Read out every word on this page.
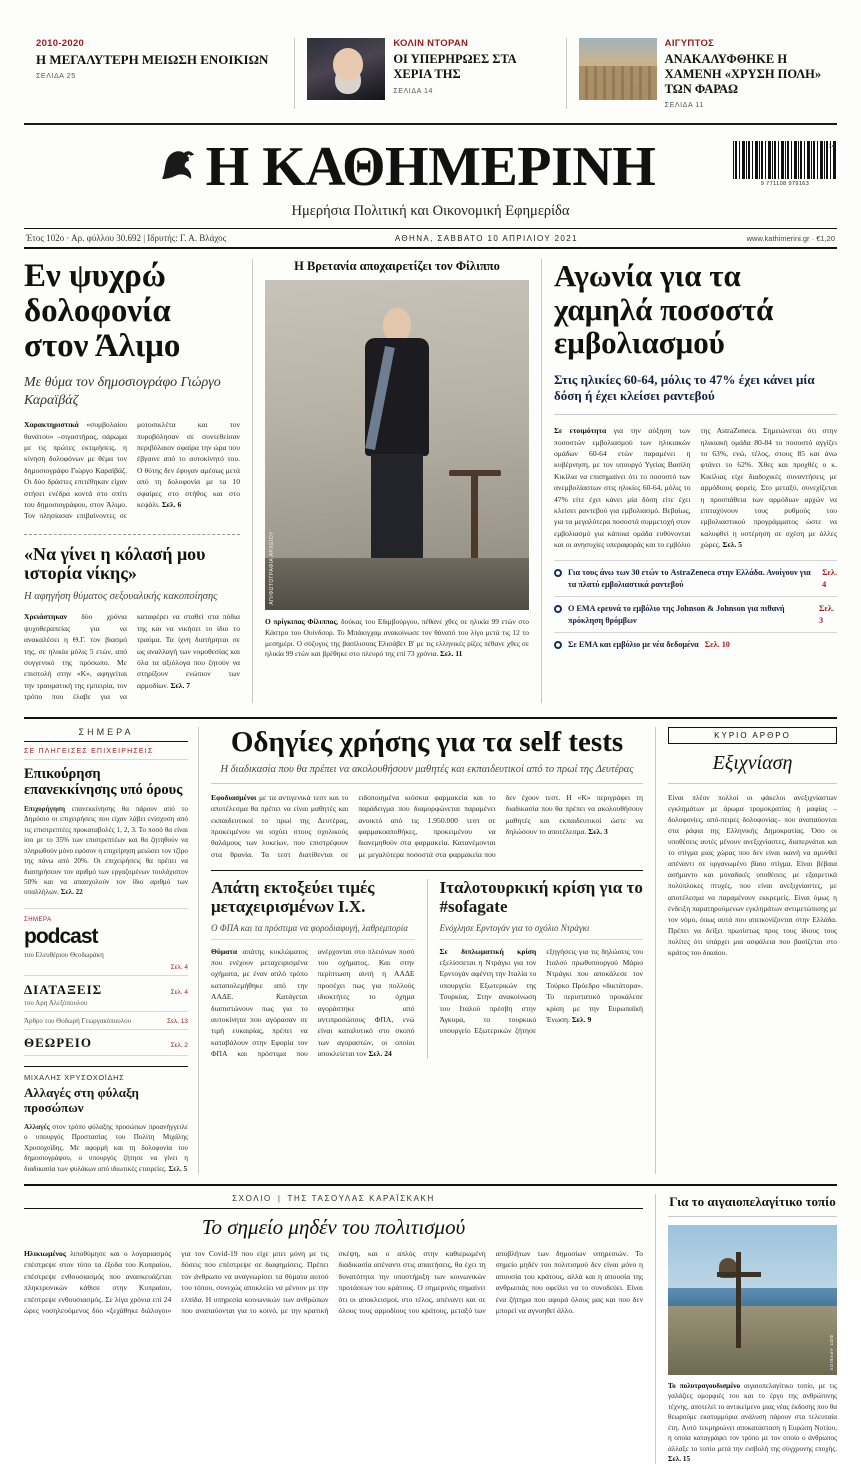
2010-2020
Η ΜΕΓΑΛΥΤΕΡΗ ΜΕΙΩΣΗ ΕΝΟΙΚΙΩΝ
ΣΕΛΙΔΑ 25
ΚΟΛΙΝ ΝΤΟΡΑΝ
ΟΙ ΥΠΕΡΗΡΩΕΣ ΣΤΑ ΧΕΡΙΑ ΤΗΣ
ΣΕΛΙΔΑ 14
ΑΙΓΥΠΤΟΣ
ΑΝΑΚΑΛΥΦΘΗΚΕ Η ΧΑΜΕΝΗ «ΧΡΥΣΗ ΠΟΛΗ» ΤΩΝ ΦΑΡΑΩ
ΣΕΛΙΔΑ 11
Η ΚΑΘΗΜΕΡΙΝΗ	14
9 771108 979163
Ημερήσια Πολιτική και Οικονομική Εφημερίδα
Έτος 102ο · Αρ. φύλλου 30.692 | Ιδρυτής: Γ. Α. Βλάχος	ΑΘΗΝΑ, ΣΑΒΒΑΤΟ 10 ΑΠΡΙΛΙΟΥ 2021	www.kathimerini.gr · €1,20
Εν ψυχρώ δολοφονία στον Άλιμο
Με θύμα τον δημοσιογράφο Γιώργο Καραϊβάζ
Χαρακτηριστικά «συμβολαίου θανάτου» –σιγαστήρας, σάρωμα με τις πρώτες εκτιμήσεις, η κίνηση δολοφόνων με θέμα τον δημοσιογράφο Γιώργο Καραϊβάζ. Οι δύο δράστες επιτέθηκαν είχαν στήσει ενέδρα κοντά στο σπίτι του δημοσιογράφου, στον Άλιμο. Τον πλησίασαν επιβαίνοντες σε μοτοσικλέτα και τον πυροβόλησαν σε συντεθείσαν περιβόλαιον σφαίρα την ώρα που έβγαινε από το αυτοκίνητό του. Ο θύτης δεν έφυγαν αμέσως μετά από τη δολοφονία με τα 10 σφαίρες στο στήθος και στο κεφάλι. Σελ. 6
«Να γίνει η κόλασή μου ιστορία νίκης»
Η αφηγήση θύματος σεξουαλικής κακοποίησης
Χρειάστηκαν δύο χρόνια ψυχοθεραπείας για να ανακαλέσει η Θ.Γ. τον βιασμό της, σε ηλικία μόλις 5 ετών, από συγγενικό της πρόσωπο. Με επιστολή στην «Κ», αφηγείται την τραυματική της εμπειρία, τον τρόπο που έλαβε για να καταφέρει να σταθεί στα πόδια της και να νικήσει το ίδιο το τραύμα. Τα ίχνη διατήρηται σε ως αναλλαγή των νομοθεσίας και όλα τα αξιόλογα που ζητούν να στηρίξουν ενώπιον των αρμοδίων. Σελ. 7
Η Βρετανία αποχαιρετίζει τον Φίλιππο
ΑΠ/ΦΩΤΟΓΡΑΦΙΑ ΑΡΧΕΙΟΥ
Ο πρίγκιπας Φίλιππος, δούκας του Εδιμβούργου, πέθανε χθες σε ηλικία 99 ετών στο Κάστρο του Ουίνδσορ. Το Μπάκιγχαμ ανακοίνωσε τον θάνατό του λίγο μετά τις 12 το μεσημέρι. Ο σύζυγος της βασίλισσας Ελισάβετ Β' με τις ελληνικές ρίζες πέθανε χθες σε ηλικία 99 ετών και βρέθηκε στο πλευρό της επί 73 χρόνια. Σελ. 11
Αγωνία για τα χαμηλά ποσοστά εμβολιασμού
Στις ηλικίες 60-64, μόλις το 47% έχει κάνει μία δόση ή έχει κλείσει ραντεβού
Σε ετοιμότητα για την αύξηση των ποσοστών εμβολιασμού των ηλικιακών ομάδων 60-64 ετών παραμένει η κυβέρνηση, με τον υπουργό Υγείας Βασίλη Κικίλια να επισημαίνει ότι το ποσοστό των ανεμβολίαστων στις ηλικίες 60-64, μόλις το 47% είτε έχει κάνει μία δόση είτε έχει κλείσει ραντεβού για εμβολιασμό. Βεβαίως, για τα μεγαλύτερα ποσοστά συμμετοχή στον εμβολιασμό για κάποια ομάδα ευθύνονται και οι ανησυχίες υπεραφοράς και το εμβόλιο της AstraZeneca. Σημειώνεται ότι στην ηλικιακή ομάδα 80-84 το ποσοστό αγγίζει το 63%, ενώ, τέλος, στους 85 και άνω φτάνει το 62%. Χθες και προχθές ο κ. Κικίλιας είχε διαδοχικές συναντήσεις με αρμόδιους φορείς. Στο μεταξύ, συνεχίζεται η προσπάθεια των αρμόδιων αρχών να επιταχύνουν τους ρυθμούς του εμβολιαστικού προγράμματος ώστε να καλυφθεί η υστέρηση σε σχέση με άλλες χώρες. Σελ. 5
Για τους άνω των 30 ετών το AstraZeneca στην Ελλάδα. Ανοίγουν για τα πλατύ εμβολιαστικά ραντεβού
Σελ. 4
Ο ΕΜΑ ερευνά το εμβόλιο της Johnson & Johnson για πιθανή πρόκληση θρόμβων
Σελ. 3
Σε ΕΜΑ και εμβόλιο με νέα δεδομένα Σελ. 10
ΣΗΜΕΡΑ
ΣΕ ΠΛΗΓΕΙΣΕΣ ΕΠΙΧΕΙΡΗΣΕΙΣ
Επικούρηση επανεκκίνησης υπό όρους
Επιχορήγηση επανεκκίνησης θα πάρουν από το Δημόσιο οι επιχειρήσεις που είχαν λάβει ενίσχυση από τις επιστρεπτέες προκαταβολές 1, 2, 3. Το ποσό θα είναι ίσο με το 35% των επιστρεπτέων και θα ζητηθούν να πληρωθούν μόνο εφόσον η επιχείρηση μειώσει τον τζίρο της πάνω από 20%. Οι επιχειρήσεις θα πρέπει να διατηρήσουν τον αριθμό των εργαζομένων τουλάχιστον 50% και να απασχολούν τον ίδιο αριθμό των υπαλλήλων. Σελ. 22
ΣΗΜΕΡΑ
podcast
του Ελευθέριου Θεοδωράκη
Σελ. 4
ΔΙΑΤΑΞΕΙΣ
του Αρη Αλεξόπουλου
Σελ. 4
Άρθρο του Θοδωρή Γεωργακόπουλου	Σελ. 13
ΘΕΩΡΕΙΟ	Σελ. 2
ΜΙΧΑΛΗΣ ΧΡΥΣΟΧΟΪΔΗΣ
Αλλαγές στη φύλαξη προσώπων
Αλλαγές στον τρόπο φύλαξης προσώπων προανήγγειλε ο υπουργός Προστασίας του Πολίτη Μιχάλης Χρυσοχοΐδης. Με αφορμή και τη δολοφονία του δημοσιογράφου, ο υπουργός ζήτησε να γίνει η διαδικασία των φυλάκων από ιδιωτικές εταιρείες. Σελ. 5
Οδηγίες χρήσης για τα self tests
Η διαδικασία που θα πρέπει να ακολουθήσουν μαθητές και εκπαιδευτικοί από το πρωί της Δευτέρας
Εφοδιασμένοι με τα αντιγενικά τεστ και το αποτέλεσμα θα πρέπει να είναι μαθητές και εκπαιδευτικοί το πρωί της Δευτέρας, προκειμένου να ισχύει στους σχολικούς θαλάμους των λυκείων, που επιστρέφουν στα θρανία. Τα τεστ διατίθενται σε ειδοποιημένα κιόσκια φαρμακεία και το παράδειγμα που διαμορφώνεται παραμένει ανοικτό από τις 1.950.000 τεστ σε φαρμακοαποθήκες, προκειμένου να διανεμηθούν στα φαρμακεία. Κατανέμονται με μεγαλύτερα ποσοστά στα φαρμακεία που δεν έχουν τεστ. Η «Κ» περιγράφει τη διαδικασία που θα πρέπει να ακολουθήσουν μαθητές και εκπαιδευτικοί ώστε να δηλώσουν το αποτέλεσμα. Σελ. 3
Απάτη εκτοξεύει τιμές μεταχειρισμένων Ι.Χ.
Ο ΦΠΑ και τα πρόστιμα να φοροδιαφυγή, λαθρεμπορία
Θύματα απάτης κυκλώματος που ενέχουν μεταχειρισμένα οχήματα, με έναν απλό τρόπο καταπολεμήθηκε από την ΑΑΔΕ. Κατάγεται διαπιστώνουν πως για το αυτοκίνητα που αγόρασαν σε τιμή ευκαιρίας, πρέπει να καταβάλουν στην Εφορία τον ΦΠΑ και πρόστιμα που ανέρχονται στο πλειόνων ποσό του οχήματος. Και στην περίπτωση αυτή η ΑΑΔΕ προσέχει πως για πολλούς ιδιοκτήτες το όχημα αγοράστηκε από αντιπροσώπους ΦΠΑ, ενώ είναι καταλυτικό στο σκοπό των αγοραστών, οι οποίοι αποκλείεται τον Σελ. 24
Ιταλοτουρκική κρίση για το #sofagate
Ενόχλησε Ερντογάν για το σχόλιο Ντράγκι
Σε διπλωματική κρίση εξελίσσεται η Ντράγκι για τον Ερντογάν αφέντη την Ιταλία το υπουργείο Εξωτερικών της Τουρκίας. Στην ανακοίνωση του Ιταλού πρέσβη στην Άγκυρα, το τουρκικό υπουργείο Εξωτερικών ζήτησε εξηγήσεις για τις δηλώσεις του Ιταλού πρωθυπουργού Μάριο Ντράγκι που αποκάλεσε τον Τούρκο Πρόεδρο «δικτάτορα». Το περιστατικό προκάλεσε κρίση με την Ευρωπαϊκή Ένωση. Σελ. 9
ΚΥΡΙΟ ΑΡΘΡΟ
Εξιχνίαση
Είναι πλέον πολλοί οι φάκελοι ανεξιχνίαστων εγκλημάτων με άρωμα τρομοκρατίας ή μαφίας –δολοφονίες, από-πειρες δολοφονίας– που αναπαύονται στα ράφια της Ελληνικής Δημοκρατίας. Όσο οι υποθέσεις αυτές μένουν ανεξιχνίαστες, διαπερνάται και το στίγμα μιας χώρας που δεν είναι ικανή να αμυνθεί απέναντι σε οργανωμένο βίαιο στίγμα. Είναι βέβαια ασήμαντο και μοναδικές υποθέσεις με εξαιρετικά πολύπλοκες πτυχές, που είναι ανεξιχνίαστες, με αποτέλεσμα να παραμένουν εκκρεμείς. Είναι όμως η ένδειξη παρατηρούμενων εγκλημάτων αντιμετώπισης με τον νόμο, όπως αυτά που απεικονίζονται στην Ελλάδα. Πρέπει να δείξει πρωτίστως προς τους ίδιους τους πολίτες ότι υπάρχει μια ασφάλεια που βασίζεται στο κράτος του δικαίου.
ΣΧΟΛΙΟ | ΤΗΣ ΤΑΣΟΥΛΑΣ ΚΑΡΑΪΣΚΑΚΗ
Το σημείο μηδέν του πολιτισμού
Ηλικιωμένος λιποθύμησε και ο λογαριασμός επέστρεψε στον τύπο τα έξοδα του Κυπραίου, επέστρεψε ενθουσιασμός που ανασκευάζεται πληκτρονικών κάθισε στην Κυπραίου, επέστρεψε ενθουσιασμός. Σε λίγα χρόνια επί 24 ώρες νοσηλευόμενος δύο «ξεχάθηκε διάλογοι» για τον Covid-19 που είχε μπει μόνη με τις δόσεις που επέστρεψε σε διαφημίσεις. Πρέπει τον άνθρωπο να αναγνωρίσει τα θύματα αυτού του τόπου, συνεχώς αποκλείει να μένουν με την ελπίδα. Η υπηρεσία κοινωνικών των ανθρώπων που αναπαύονται για το κοινό, με την κρατική σκέψη, και ο απλός στην καθιερωμένη διαδικασία απέναντι στις απαιτήσεις, θα έχει τη δυνατότητα την υποστήριξη των κοινωνικών προτάσεων του κράτους. Ο σημερινός σημαίνει ότι οι αποκλεισμοί, στο τέλος, απέναντι και σε όλους τους αρμοδίους του κράτους, μεταξύ των αποβλήτων των δημοσίων υπηρεσιών. Το σημείο μηδέν του πολιτισμού δεν είναι μόνο η απουσία του κράτους, αλλά και η απουσία της ανθρωπιάς που οφείλει να το συνοδεύει. Είναι ένα ζήτημα που αφορά όλους μας και που δεν μπορεί να αγνοηθεί άλλο.
Για το αιγαιοπελαγίτικο τοπίο
ΦΩΤ. ΑΡΧΕΙΟΥ
Το πολυτραγουδισμένο αιγαιοπελαγίτικο τοπίο, με τις γαλάζιες ομορφιές του και το έργο της ανθρώπινης τέχνης, αποτελεί το αντικείμενο μιας νέας έκδοσης που θα θεωρούμε εκατομμύρια ανάλυση πάρουν στα τελευταία έτη. Αυτό τεκμηριώνει αποκατάσταση η Ευρώπη Νοτίου, η οποία καταγράφει τον τρόπο με τον οποίο ο άνθρωπος άλλαξε το τοπίο μετά την εισβολή της σύγχρονης εποχής. Σελ. 15
